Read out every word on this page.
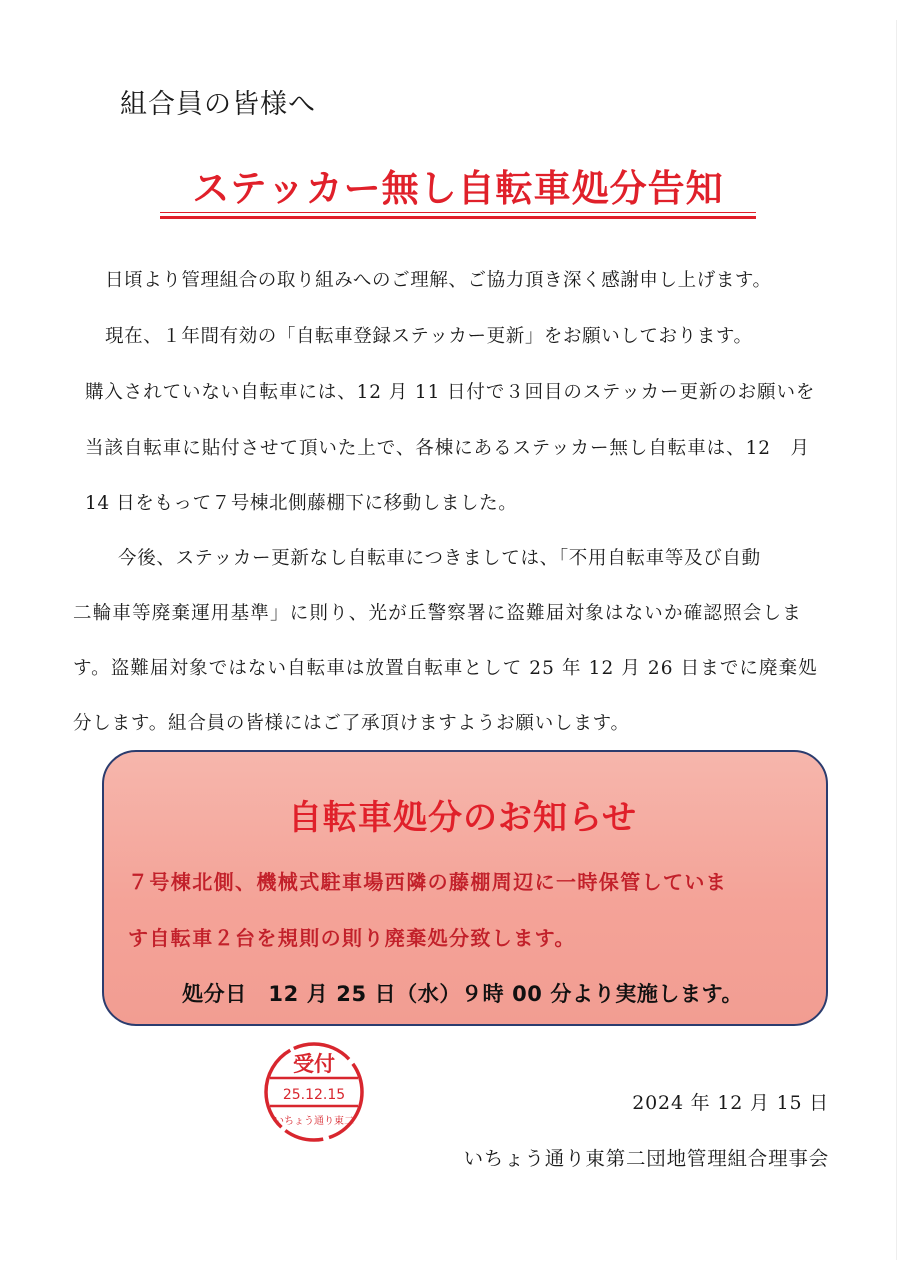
組合員の皆様へ
ステッカー無し自転車処分告知
日頃より管理組合の取り組みへのご理解、ご協力頂き深く感謝申し上げます。
現在、１年間有効の「自転車登録ステッカー更新」をお願いしております。
購入されていない自転車には、12 月 11 日付で３回目のステッカー更新のお願いを
当該自転車に貼付させて頂いた上で、各棟にあるステッカー無し自転車は、12　月
14 日をもって７号棟北側藤棚下に移動しました。
今後、ステッカー更新なし自転車につきましては、「不用自転車等及び自動
二輪車等廃棄運用基準」に則り、光が丘警察署に盗難届対象はないか確認照会しま
す。盗難届対象ではない自転車は放置自転車として 25 年 12 月 26 日までに廃棄処
分します。組合員の皆様にはご了承頂けますようお願いします。
自転車処分のお知らせ
７号棟北側、機械式駐車場西隣の藤棚周辺に一時保管していま
す自転車２台を規則の則り廃棄処分致します。
処分日　12 月 25 日（水）９時 00 分より実施します。
受付
25.12.15
いちょう通り東二
2024 年 12 月 15 日
いちょう通り東第二団地管理組合理事会
